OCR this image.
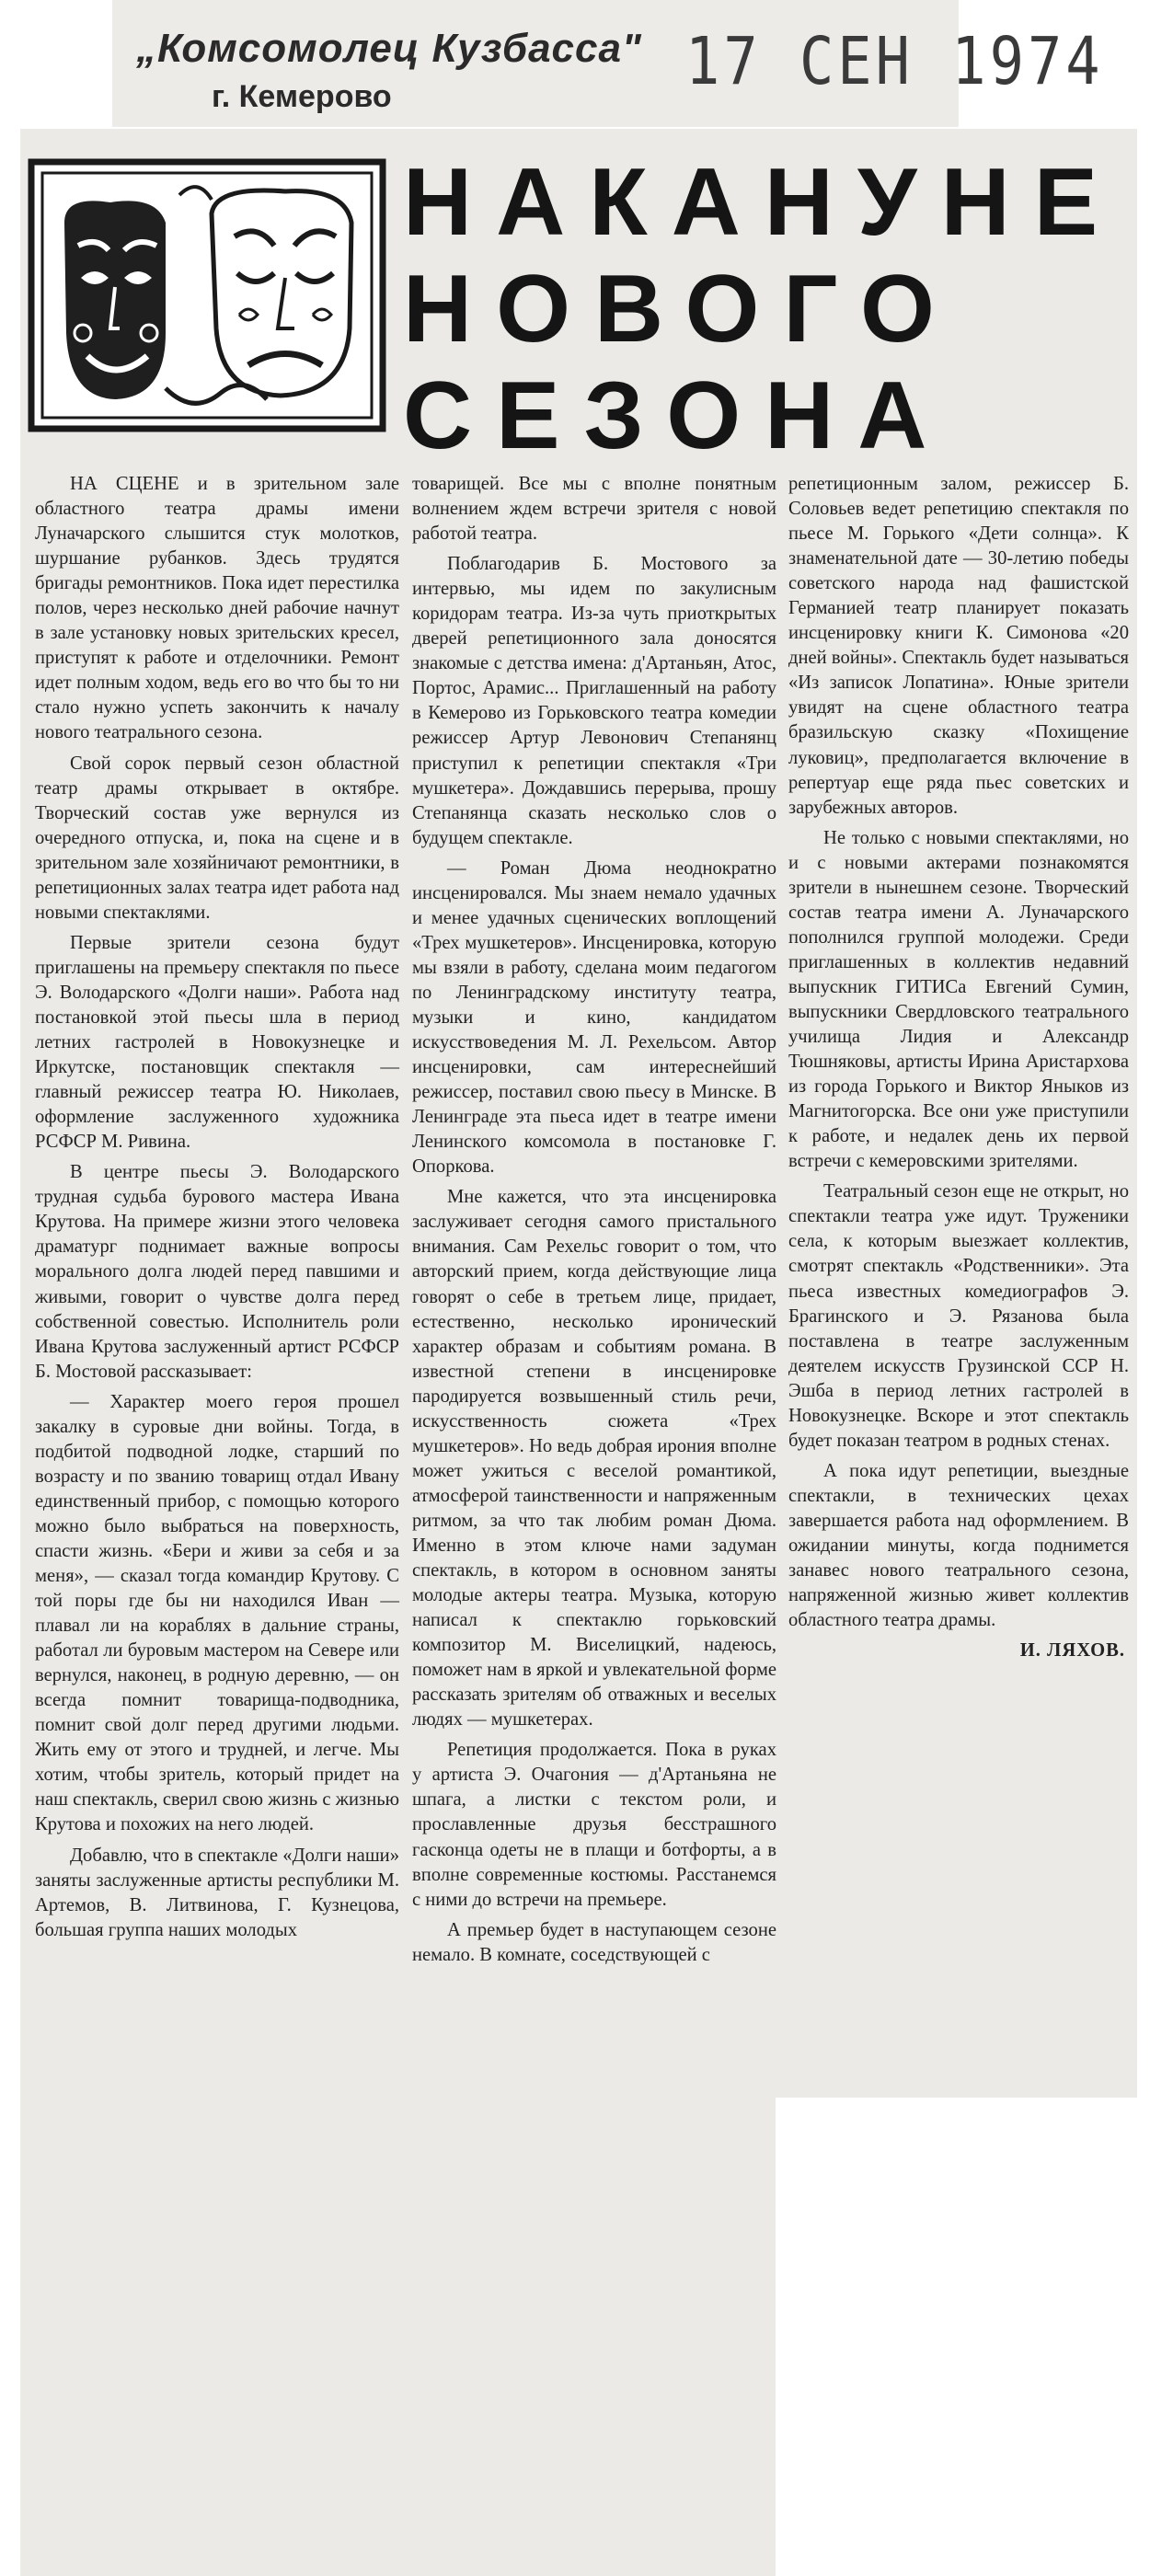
„Комсомолец Кузбасса"
г. Кемерово	17 СЕН 1974
НАКАНУНЕ
НОВОГО
СЕЗОНА

НА СЦЕНЕ и в зрительном зале областного театра драмы имени Луначарского слышится стук молотков, шуршание рубанков. Здесь трудятся бригады ремонтников. Пока идет перестилка полов, через несколько дней рабочие начнут в зале установку новых зрительских кресел, приступят к работе и отделочники. Ремонт идет полным ходом, ведь его во что бы то ни стало нужно успеть закончить к началу нового театрального сезона.

Свой сорок первый сезон областной театр драмы открывает в октябре. Творческий состав уже вернулся из очередного отпуска, и, пока на сцене и в зрительном зале хозяйничают ремонтники, в репетиционных залах театра идет работа над новыми спектаклями.

Первые зрители сезона будут приглашены на премьеру спектакля по пьесе Э. Володарского «Долги наши». Работа над постановкой этой пьесы шла в период летних гастролей в Новокузнецке и Иркутске, постановщик спектакля — главный режиссер театра Ю. Николаев, оформление заслуженного художника РСФСР М. Ривина.

В центре пьесы Э. Володарского трудная судьба бурового мастера Ивана Крутова. На примере жизни этого человека драматург поднимает важные вопросы морального долга людей перед павшими и живыми, говорит о чувстве долга перед собственной совестью. Исполнитель роли Ивана Крутова заслуженный артист РСФСР Б. Мостовой рассказывает:

— Характер моего героя прошел закалку в суровые дни войны. Тогда, в подбитой подводной лодке, старший по возрасту и по званию товарищ отдал Ивану единственный прибор, с помощью которого можно было выбраться на поверхность, спасти жизнь. «Бери и живи за себя и за меня», — сказал тогда командир Крутову. С той поры где бы ни находился Иван — плавал ли на кораблях в дальние страны, работал ли буровым мастером на Севере или вернулся, наконец, в родную деревню, — он всегда помнит товарища-подводника, помнит свой долг перед другими людьми. Жить ему от этого и трудней, и легче. Мы хотим, чтобы зритель, который придет на наш спектакль, сверил свою жизнь с жизнью Крутова и похожих на него людей.

Добавлю, что в спектакле «Долги наши» заняты заслуженные артисты республики М. Артемов, В. Литвинова, Г. Кузнецова, большая группа наших молодых

товарищей. Все мы с вполне понятным волнением ждем встречи зрителя с новой работой театра.

Поблагодарив Б. Мостового за интервью, мы идем по закулисным коридорам театра. Из-за чуть приоткрытых дверей репетиционного зала доносятся знакомые с детства имена: д'Артаньян, Атос, Портос, Арамис... Приглашенный на работу в Кемерово из Горьковского театра комедии режиссер Артур Левонович Степанянц приступил к репетиции спектакля «Три мушкетера». Дождавшись перерыва, прошу Степанянца сказать несколько слов о будущем спектакле.

— Роман Дюма неоднократно инсценировался. Мы знаем немало удачных и менее удачных сценических воплощений «Трех мушкетеров». Инсценировка, которую мы взяли в работу, сделана моим педагогом по Ленинградскому институту театра, музыки и кино, кандидатом искусствоведения М. Л. Рехельсом. Автор инсценировки, сам интереснейший режиссер, поставил свою пьесу в Минске. В Ленинграде эта пьеса идет в театре имени Ленинского комсомола в постановке Г. Опоркова.

Мне кажется, что эта инсценировка заслуживает сегодня самого пристального внимания. Сам Рехельс говорит о том, что авторский прием, когда действующие лица говорят о себе в третьем лице, придает, естественно, несколько иронический характер образам и событиям романа. В известной степени в инсценировке пародируется возвышенный стиль речи, искусственность сюжета «Трех мушкетеров». Но ведь добрая ирония вполне может ужиться с веселой романтикой, атмосферой таинственности и напряженным ритмом, за что так любим роман Дюма. Именно в этом ключе нами задуман спектакль, в котором в основном заняты молодые актеры театра. Музыка, которую написал к спектаклю горьковский композитор М. Виселицкий, надеюсь, поможет нам в яркой и увлекательной форме рассказать зрителям об отважных и веселых людях — мушкетерах.

Репетиция продолжается. Пока в руках у артиста Э. Очагония — д'Артаньяна не шпага, а листки с текстом роли, и прославленные друзья бесстрашного гасконца одеты не в плащи и ботфорты, а в вполне современные костюмы. Расстанемся с ними до встречи на премьере.

А премьер будет в наступающем сезоне немало. В комнате, соседствующей с

репетиционным залом, режиссер Б. Соловьев ведет репетицию спектакля по пьесе М. Горького «Дети солнца». К знаменательной дате — 30-летию победы советского народа над фашистской Германией театр планирует показать инсценировку книги К. Симонова «20 дней войны». Спектакль будет называться «Из записок Лопатина». Юные зрители увидят на сцене областного театра бразильскую сказку «Похищение луковиц», предполагается включение в репертуар еще ряда пьес советских и зарубежных авторов.

Не только с новыми спектаклями, но и с новыми актерами познакомятся зрители в нынешнем сезоне. Творческий состав театра имени А. Луначарского пополнился группой молодежи. Среди приглашенных в коллектив недавний выпускник ГИТИСа Евгений Сумин, выпускники Свердловского театрального училища Лидия и Александр Тюшняковы, артисты Ирина Аристархова из города Горького и Виктор Яныков из Магнитогорска. Все они уже приступили к работе, и недалек день их первой встречи с кемеровскими зрителями.

Театральный сезон еще не открыт, но спектакли театра уже идут. Труженики села, к которым выезжает коллектив, смотрят спектакль «Родственники». Эта пьеса известных комедиографов Э. Брагинского и Э. Рязанова была поставлена в театре заслуженным деятелем искусств Грузинской ССР Н. Эшба в период летних гастролей в Новокузнецке. Вскоре и этот спектакль будет показан театром в родных стенах.

А пока идут репетиции, выездные спектакли, в технических цехах завершается работа над оформлением. В ожидании минуты, когда поднимется занавес нового театрального сезона, напряженной жизнью живет коллектив областного театра драмы.

И. ЛЯХОВ.
